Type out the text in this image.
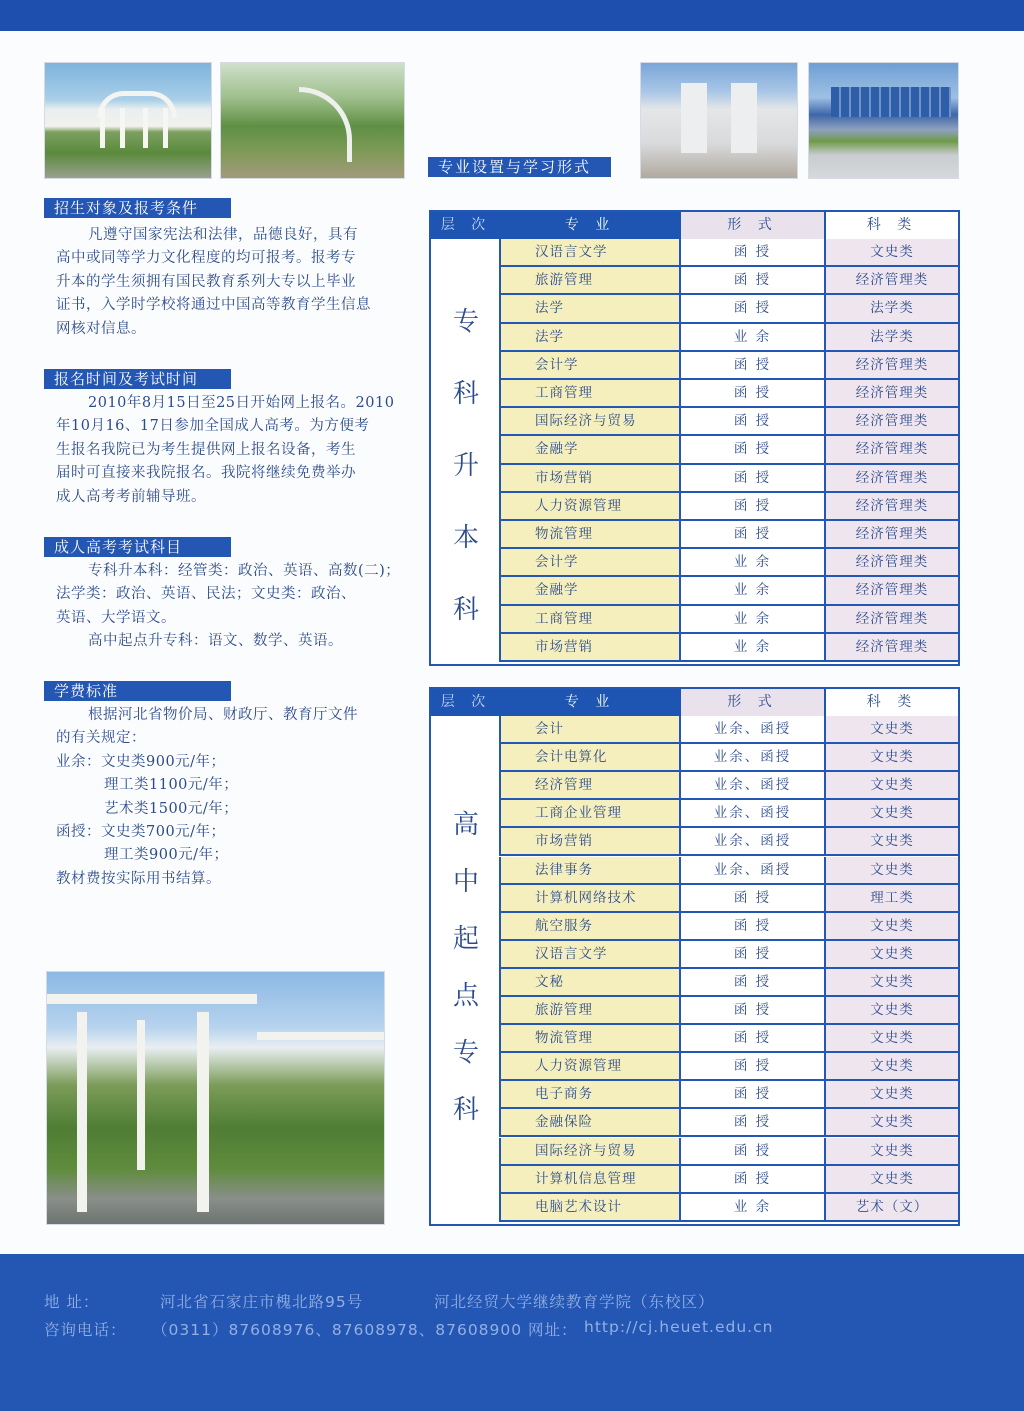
招生对象及报考条件
凡遵守国家宪法和法律，品德良好，具有
高中或同等学力文化程度的均可报考。报考专
升本的学生须拥有国民教育系列大专以上毕业
证书，入学时学校将通过中国高等教育学生信息
网核对信息。
报名时间及考试时间
2010年8月15日至25日开始网上报名。2010
年10月16、17日参加全国成人高考。为方便考
生报名我院已为考生提供网上报名设备，考生
届时可直接来我院报名。我院将继续免费举办
成人高考考前辅导班。
成人高考考试科目
专科升本科：经管类：政治、英语、高数(二)；
法学类：政治、英语、民法；文史类：政治、
英语、大学语文。
高中起点升专科：语文、数学、英语。
学费标准
根据河北省物价局、财政厅、教育厅文件
的有关规定：
业余：文史类900元/年；
理工类1100元/年；
艺术类1500元/年；
函授：文史类700元/年；
理工类900元/年；
教材费按实际用书结算。
专业设置与学习形式
层 次	专 业	形 式	科 类
专
科
升
本
科
汉语言文学	函 授	文史类
旅游管理	函 授	经济管理类
法学	函 授	法学类
法学	业 余	法学类
会计学	函 授	经济管理类
工商管理	函 授	经济管理类
国际经济与贸易	函 授	经济管理类
金融学	函 授	经济管理类
市场营销	函 授	经济管理类
人力资源管理	函 授	经济管理类
物流管理	函 授	经济管理类
会计学	业 余	经济管理类
金融学	业 余	经济管理类
工商管理	业 余	经济管理类
市场营销	业 余	经济管理类
层 次	专 业	形 式	科 类
高
中
起
点
专
科
会计	业余、函授	文史类
会计电算化	业余、函授	文史类
经济管理	业余、函授	文史类
工商企业管理	业余、函授	文史类
市场营销	业余、函授	文史类
法律事务	业余、函授	文史类
计算机网络技术	函 授	理工类
航空服务	函 授	文史类
汉语言文学	函 授	文史类
文秘	函 授	文史类
旅游管理	函 授	文史类
物流管理	函 授	文史类
人力资源管理	函 授	文史类
电子商务	函 授	文史类
金融保险	函 授	文史类
国际经济与贸易	函 授	文史类
计算机信息管理	函 授	文史类
电脑艺术设计	业 余	艺术（文）
地 址：	河北省石家庄市槐北路95号	河北经贸大学继续教育学院（东校区）
咨询电话： （0311）87608976、87608978、87608900 网址： http://cj.heuet.edu.cn
